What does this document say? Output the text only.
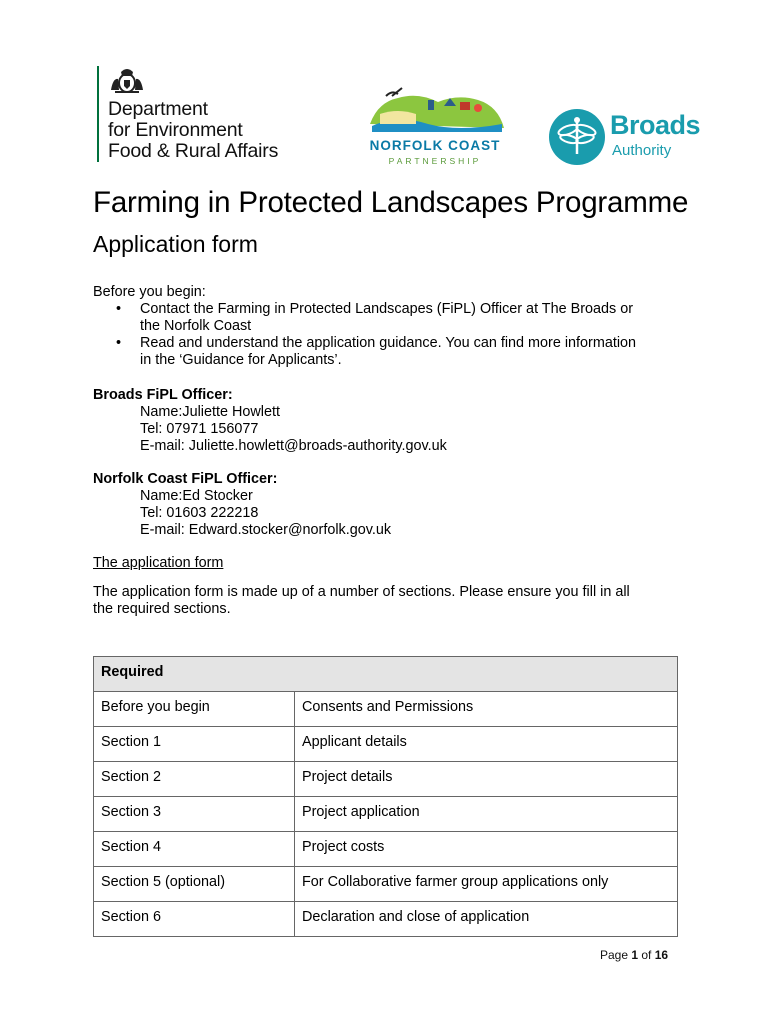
Department
for Environment
Food & Rural Affairs	NORFOLK COAST
PARTNERSHIP
Broads
Authority
Farming in Protected Landscapes Programme
Application form
Before you begin:
• Contact the Farming in Protected Landscapes (FiPL) Officer at The Broads or
the Norfolk Coast
• Read and understand the application guidance. You can find more information
in the ‘Guidance for Applicants’.
Broads FiPL Officer:
Name:Juliette Howlett
Tel: 07971 156077
E-mail: Juliette.howlett@broads-authority.gov.uk
Norfolk Coast FiPL Officer:
Name:Ed Stocker
Tel: 01603 222218
E-mail: Edward.stocker@norfolk.gov.uk
The application form
The application form is made up of a number of sections. Please ensure you fill in all
the required sections.
Required	
Before you begin	Consents and Permissions
Section 1	Applicant details
Section 2	Project details
Section 3	Project application
Section 4	Project costs
Section 5 (optional)	For Collaborative farmer group applications only
Section 6	Declaration and close of application
Page 1 of 16
